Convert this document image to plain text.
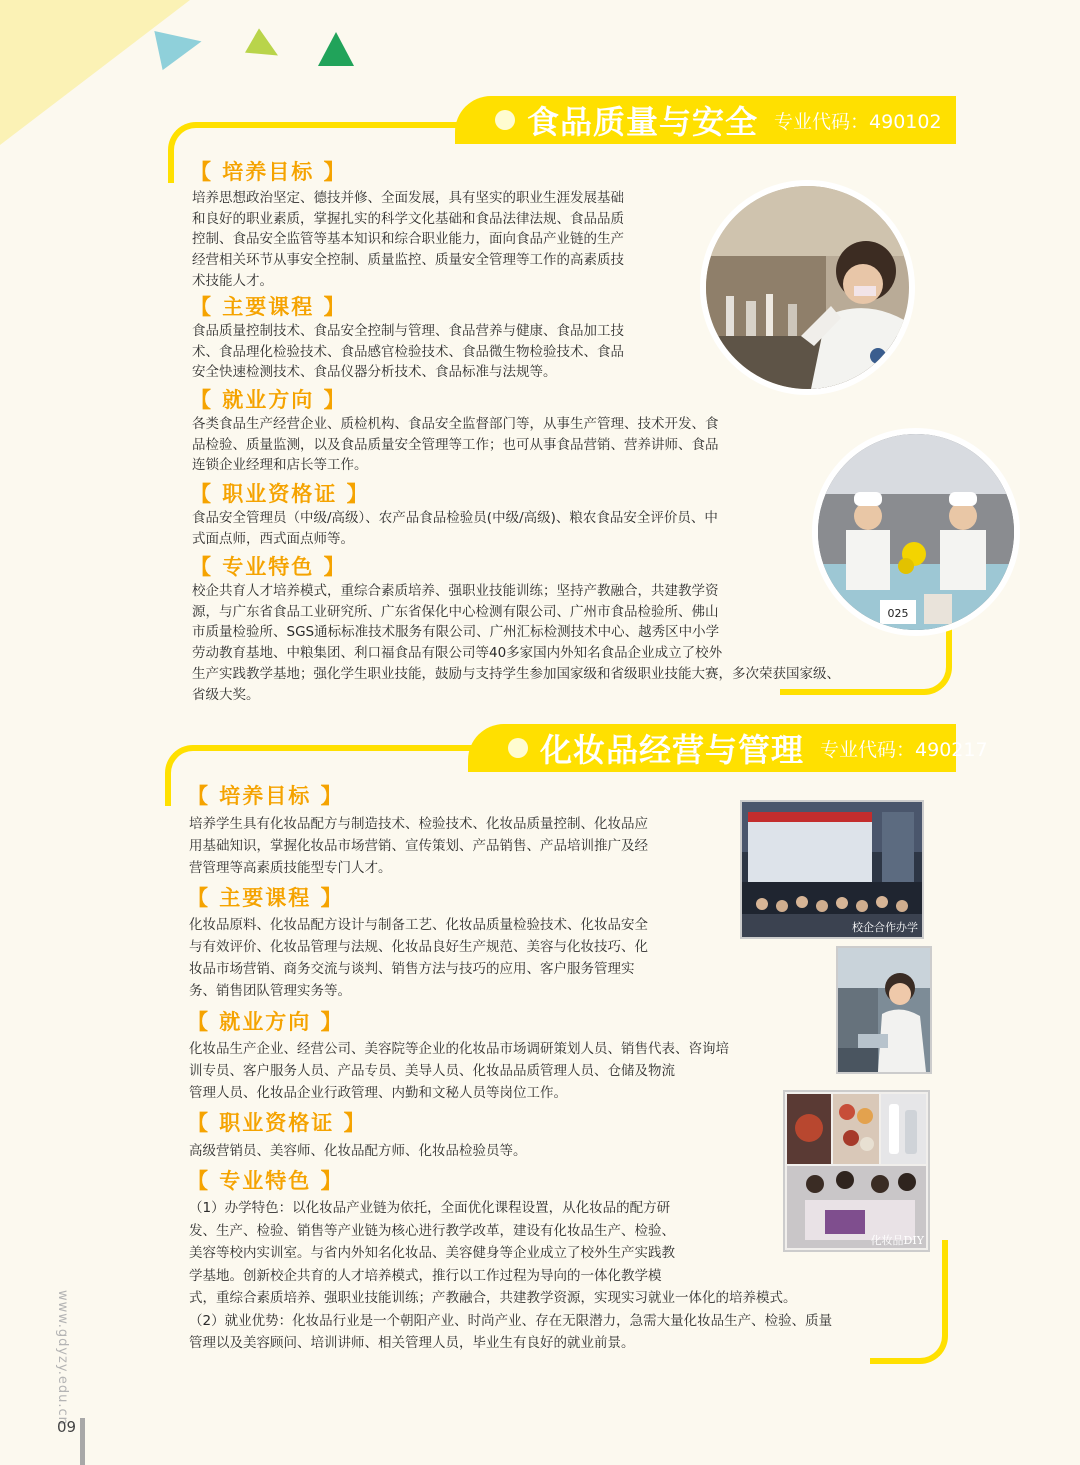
食品质量与安全 专业代码：490102
【 培养目标 】
培养思想政治坚定、德技并修、全面发展，具有坚实的职业生涯发展基础
和良好的职业素质，掌握扎实的科学文化基础和食品法律法规、食品品质
控制、食品安全监管等基本知识和综合职业能力，面向食品产业链的生产
经营相关环节从事安全控制、质量监控、质量安全管理等工作的高素质技
术技能人才。
【 主要课程 】
食品质量控制技术、食品安全控制与管理、食品营养与健康、食品加工技
术、食品理化检验技术、食品感官检验技术、食品微生物检验技术、食品
安全快速检测技术、食品仪器分析技术、食品标准与法规等。
【 就业方向 】
各类食品生产经营企业、质检机构、食品安全监督部门等，从事生产管理、技术开发、食
品检验、质量监测，以及食品质量安全管理等工作；也可从事食品营销、营养讲师、食品
连锁企业经理和店长等工作。
【 职业资格证 】
食品安全管理员（中级/高级）、农产品食品检验员(中级/高级)、粮农食品安全评价员、中
式面点师，西式面点师等。
【 专业特色 】
校企共育人才培养模式，重综合素质培养、强职业技能训练；坚持产教融合，共建教学资
源，与广东省食品工业研究所、广东省保化中心检测有限公司、广州市食品检验所、佛山
市质量检验所、SGS通标标准技术服务有限公司、广州汇标检测技术中心、越秀区中小学
劳动教育基地、中粮集团、利口福食品有限公司等40多家国内外知名食品企业成立了校外
生产实践教学基地；强化学生职业技能，鼓励与支持学生参加国家级和省级职业技能大赛，多次荣获国家级、
省级大奖。
025
化妆品经营与管理 专业代码：490217
【 培养目标 】
培养学生具有化妆品配方与制造技术、检验技术、化妆品质量控制、化妆品应
用基础知识，掌握化妆品市场营销、宣传策划、产品销售、产品培训推广及经
营管理等高素质技能型专门人才。
【 主要课程 】
化妆品原料、化妆品配方设计与制备工艺、化妆品质量检验技术、化妆品安全
与有效评价、化妆品管理与法规、化妆品良好生产规范、美容与化妆技巧、化
妆品市场营销、商务交流与谈判、销售方法与技巧的应用、客户服务管理实
务、销售团队管理实务等。
【 就业方向 】
化妆品生产企业、经营公司、美容院等企业的化妆品市场调研策划人员、销售代表、咨询培
训专员、客户服务人员、产品专员、美导人员、化妆品品质管理人员、仓储及物流
管理人员、化妆品企业行政管理、内勤和文秘人员等岗位工作。
【 职业资格证 】
高级营销员、美容师、化妆品配方师、化妆品检验员等。
【 专业特色 】
（1）办学特色：以化妆品产业链为依托，全面优化课程设置，从化妆品的配方研
发、生产、检验、销售等产业链为核心进行教学改革，建设有化妆品生产、检验、
美容等校内实训室。与省内外知名化妆品、美容健身等企业成立了校外生产实践教
学基地。创新校企共育的人才培养模式，推行以工作过程为导向的一体化教学模
式，重综合素质培养、强职业技能训练；产教融合，共建教学资源，实现实习就业一体化的培养模式。
（2）就业优势：化妆品行业是一个朝阳产业、时尚产业、存在无限潜力，急需大量化妆品生产、检验、质量
管理以及美容顾问、培训讲师、相关管理人员，毕业生有良好的就业前景。
校企合作办学
化妆品DIY
www.gdyzy.edu.cn
09
